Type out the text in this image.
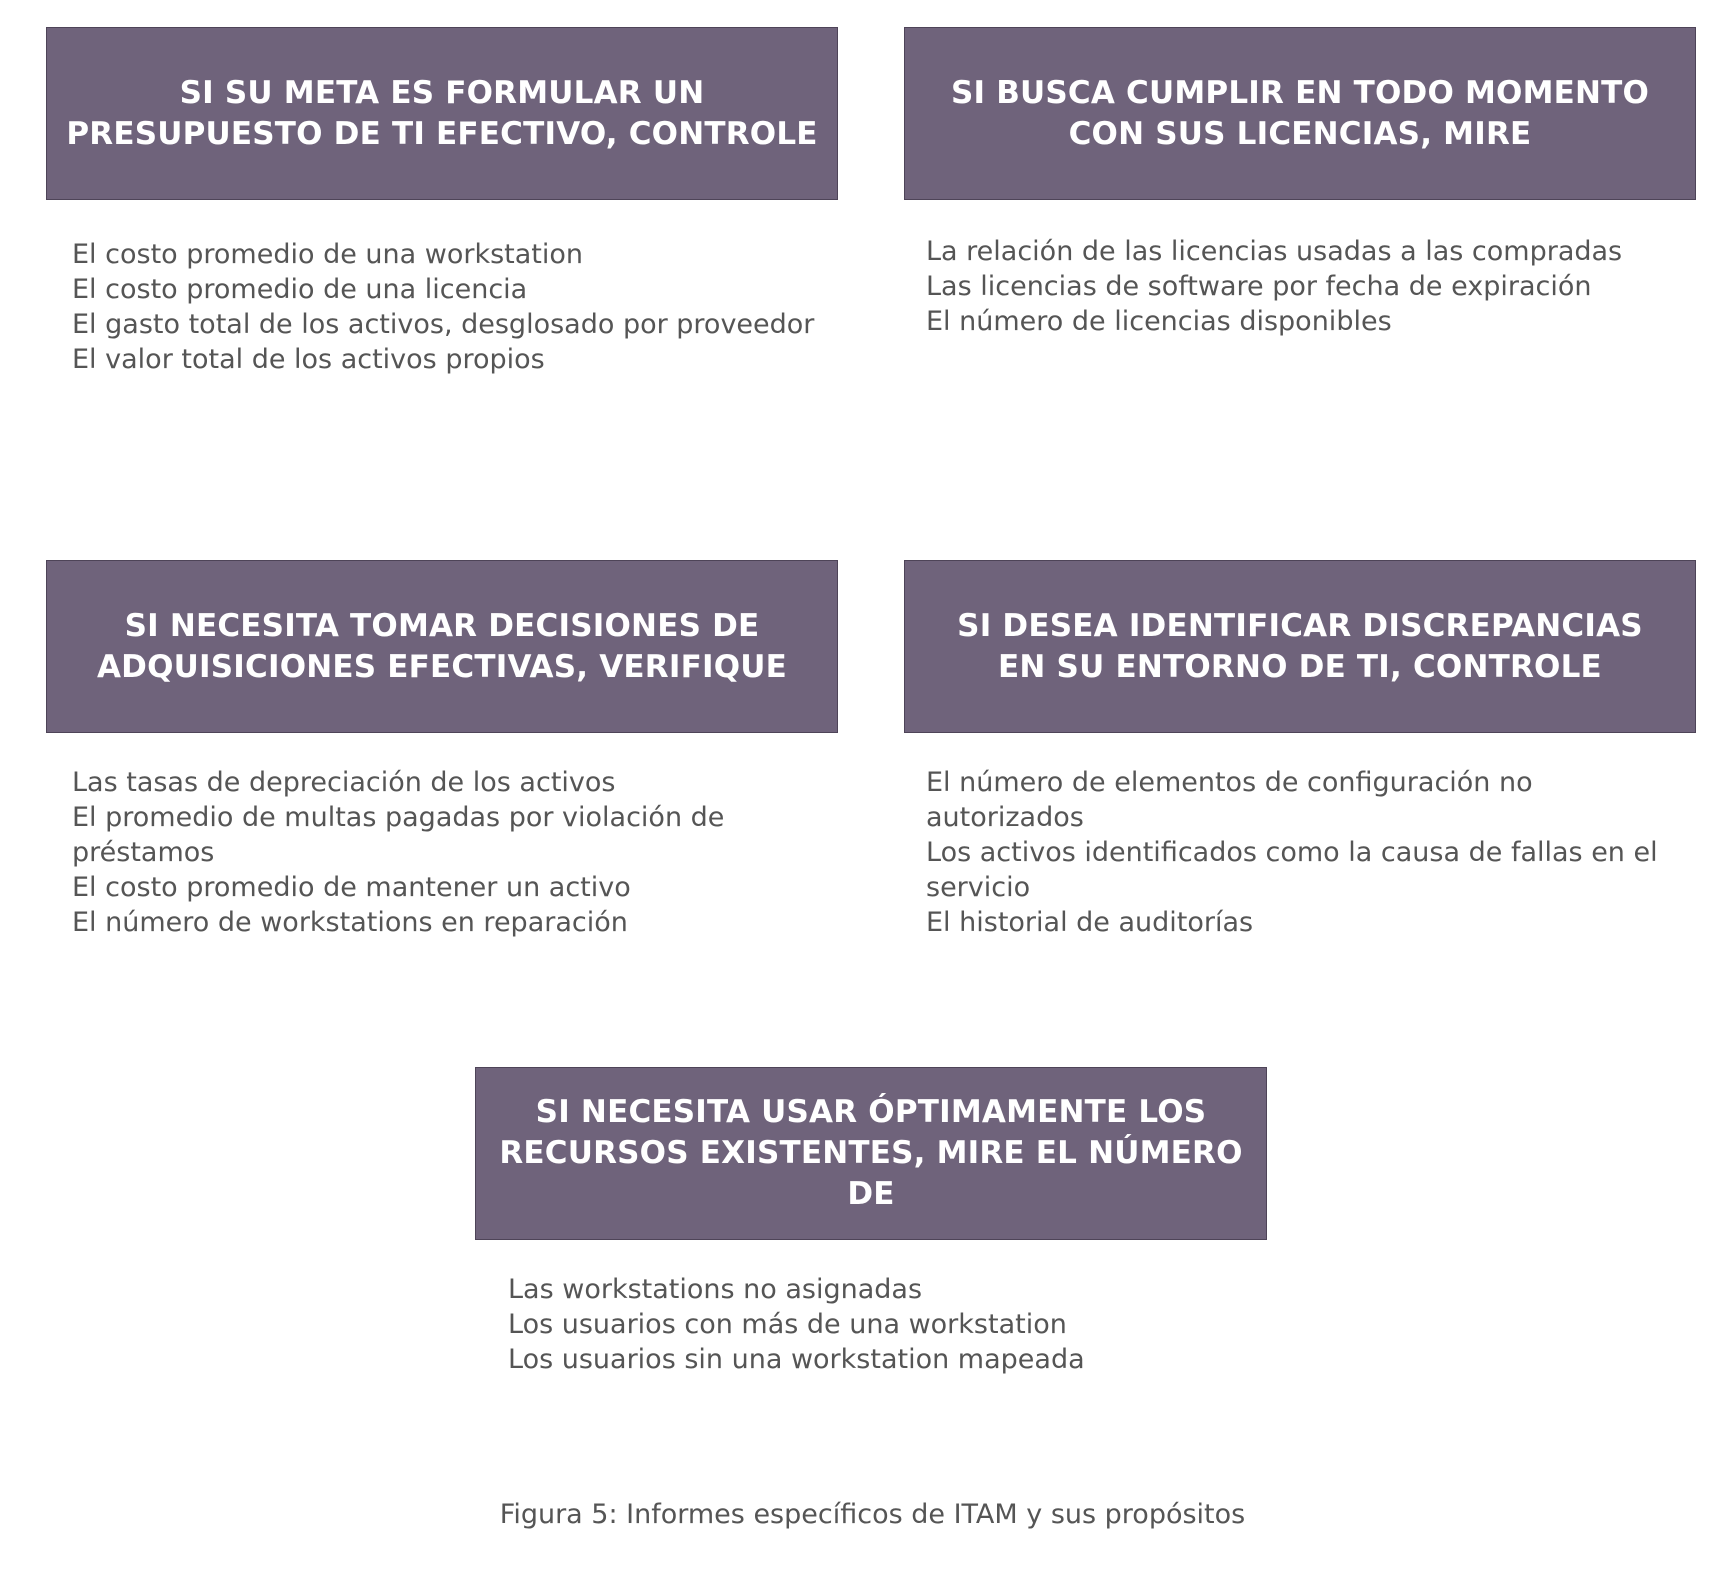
SI SU META ES FORMULAR UN
PRESUPUESTO DE TI EFECTIVO, CONTROLE
El costo promedio de una workstation
El costo promedio de una licencia
El gasto total de los activos, desglosado por proveedor
El valor total de los activos propios
SI BUSCA CUMPLIR EN TODO MOMENTO
CON SUS LICENCIAS, MIRE
La relación de las licencias usadas a las compradas
Las licencias de software por fecha de expiración
El número de licencias disponibles
SI NECESITA TOMAR DECISIONES DE
ADQUISICIONES EFECTIVAS, VERIFIQUE
Las tasas de depreciación de los activos
El promedio de multas pagadas por violación de préstamos
El costo promedio de mantener un activo
El número de workstations en reparación
SI DESEA IDENTIFICAR DISCREPANCIAS
EN SU ENTORNO DE TI, CONTROLE
El número de elementos de configuración no autorizados
Los activos identificados como la causa de fallas en el servicio
El historial de auditorías
SI NECESITA USAR ÓPTIMAMENTE LOS
RECURSOS EXISTENTES, MIRE EL NÚMERO DE
Las workstations no asignadas
Los usuarios con más de una workstation
Los usuarios sin una workstation mapeada
Figura 5: Informes específicos de ITAM y sus propósitos
